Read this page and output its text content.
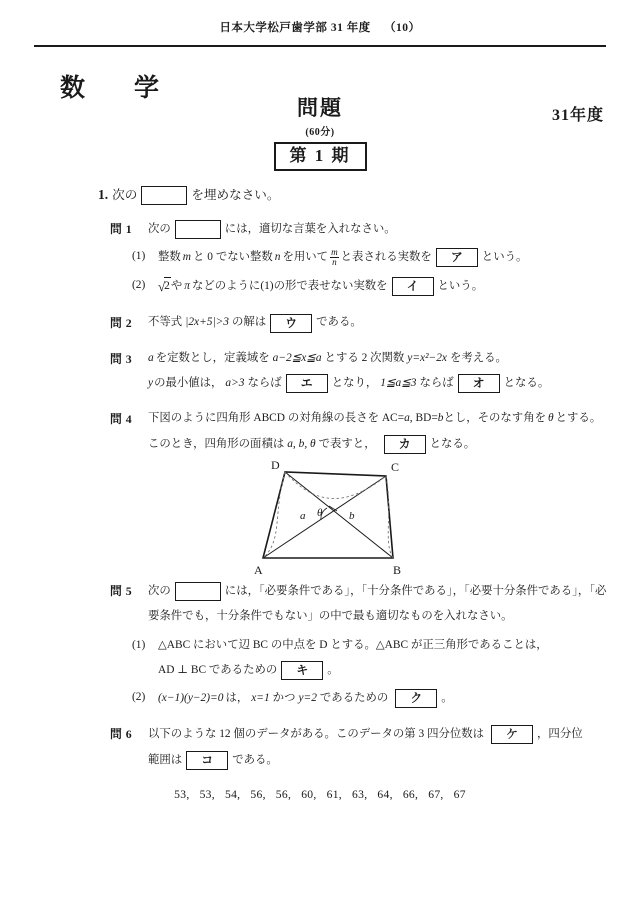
日本大学松戸歯学部 31 年度 （10）
数　学
問題
(60分)
第 1 期
31年度
1. 次の	を埋めなさい。
問 1	次の	には，適切な言葉を入れなさい。
(1)	整数 m と 0 でない整数 n を用いて $\frac{m}{n}$ と表される実数を	ア	という。
(2) √ 2 や π などのように(1)の形で表せない実数を	イ	という。
問 2	不等式 |2x+5|>3 の解は	ウ	である。
問 3	a を定数とし，定義域を a−2≦x≦a とする 2 次関数 y=x²−2x を考える。
y の最小値は， a>3 ならば	エ	となり， 1≦a≦3 ならば	オ	となる。
問 4	下図のように四角形 ABCD の対角線の長さを AC= a , BD= b とし，そのなす角を θ とする。
このとき，四角形の面積は a, b, θ で表すと，	カ	となる。
A	B
C
D
a	b
θ
問 5	次の	には，「必要条件である」，「十分条件である」，「必要十分条件である」，「必
要条件でも，十分条件でもない」の中で最も適切なものを入れなさい。
(1)	△ABC において辺 BC の中点を D とする。△ABC が正三角形であることは，
AD ⊥ BC であるための	キ	。
(2)	(x−1)(y−2)=0 は， x=1 かつ y=2 であるための	ク	。
問 6	以下のような 12 個のデータがある。このデータの第 3 四分位数は	ケ	，四分位
範囲は	コ	である。
53, 53, 54, 56, 56, 60, 61, 63, 64, 66, 67, 67
